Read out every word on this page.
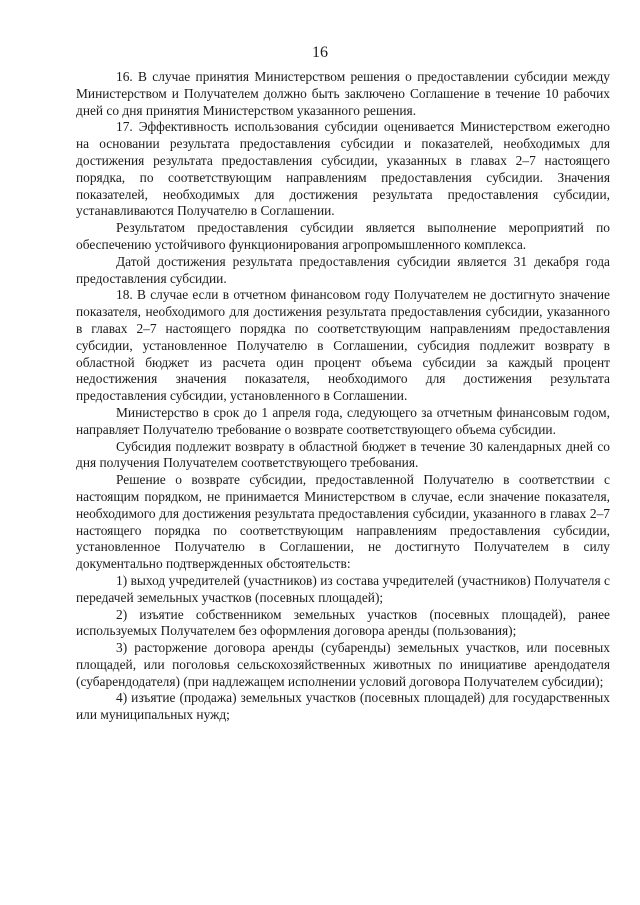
16

16. В случае принятия Министерством решения о предоставлении субсидии между Министерством и Получателем должно быть заключено Соглашение в течение 10 рабочих дней со дня принятия Министерством указанного решения.

17. Эффективность использования субсидии оценивается Министерством ежегодно на основании результата предоставления субсидии и показателей, необходимых для достижения результата предоставления субсидии, указанных в главах 2–7 настоящего порядка, по соответствующим направлениям предоставления субсидии. Значения показателей, необходимых для достижения результата предоставления субсидии, устанавливаются Получателю в Соглашении.

Результатом предоставления субсидии является выполнение мероприятий по обеспечению устойчивого функционирования агропромышленного комплекса.

Датой достижения результата предоставления субсидии является 31 декабря года предоставления субсидии.

18. В случае если в отчетном финансовом году Получателем не достигнуто значение показателя, необходимого для достижения результата предоставления субсидии, указанного в главах 2–7 настоящего порядка по соответствующим направлениям предоставления субсидии, установленное Получателю в Соглашении, субсидия подлежит возврату в областной бюджет из расчета один процент объема субсидии за каждый процент недостижения значения показателя, необходимого для достижения результата предоставления субсидии, установленного в Соглашении.

Министерство в срок до 1 апреля года, следующего за отчетным финансовым годом, направляет Получателю требование о возврате соответствующего объема субсидии.

Субсидия подлежит возврату в областной бюджет в течение 30 календарных дней со дня получения Получателем соответствующего требования.

Решение о возврате субсидии, предоставленной Получателю в соответствии с настоящим порядком, не принимается Министерством в случае, если значение показателя, необходимого для достижения результата предоставления субсидии, указанного в главах 2–7 настоящего порядка по соответствующим направлениям предоставления субсидии, установленное Получателю в Соглашении, не достигнуто Получателем в силу документально подтвержденных обстоятельств:

1) выход учредителей (участников) из состава учредителей (участников) Получателя с передачей земельных участков (посевных площадей);

2) изъятие собственником земельных участков (посевных площадей), ранее используемых Получателем без оформления договора аренды (пользования);

3) расторжение договора аренды (субаренды) земельных участков, или посевных площадей, или поголовья сельскохозяйственных животных по инициативе арендодателя (субарендодателя) (при надлежащем исполнении условий договора Получателем субсидии);

4) изъятие (продажа) земельных участков (посевных площадей) для государственных или муниципальных нужд;
